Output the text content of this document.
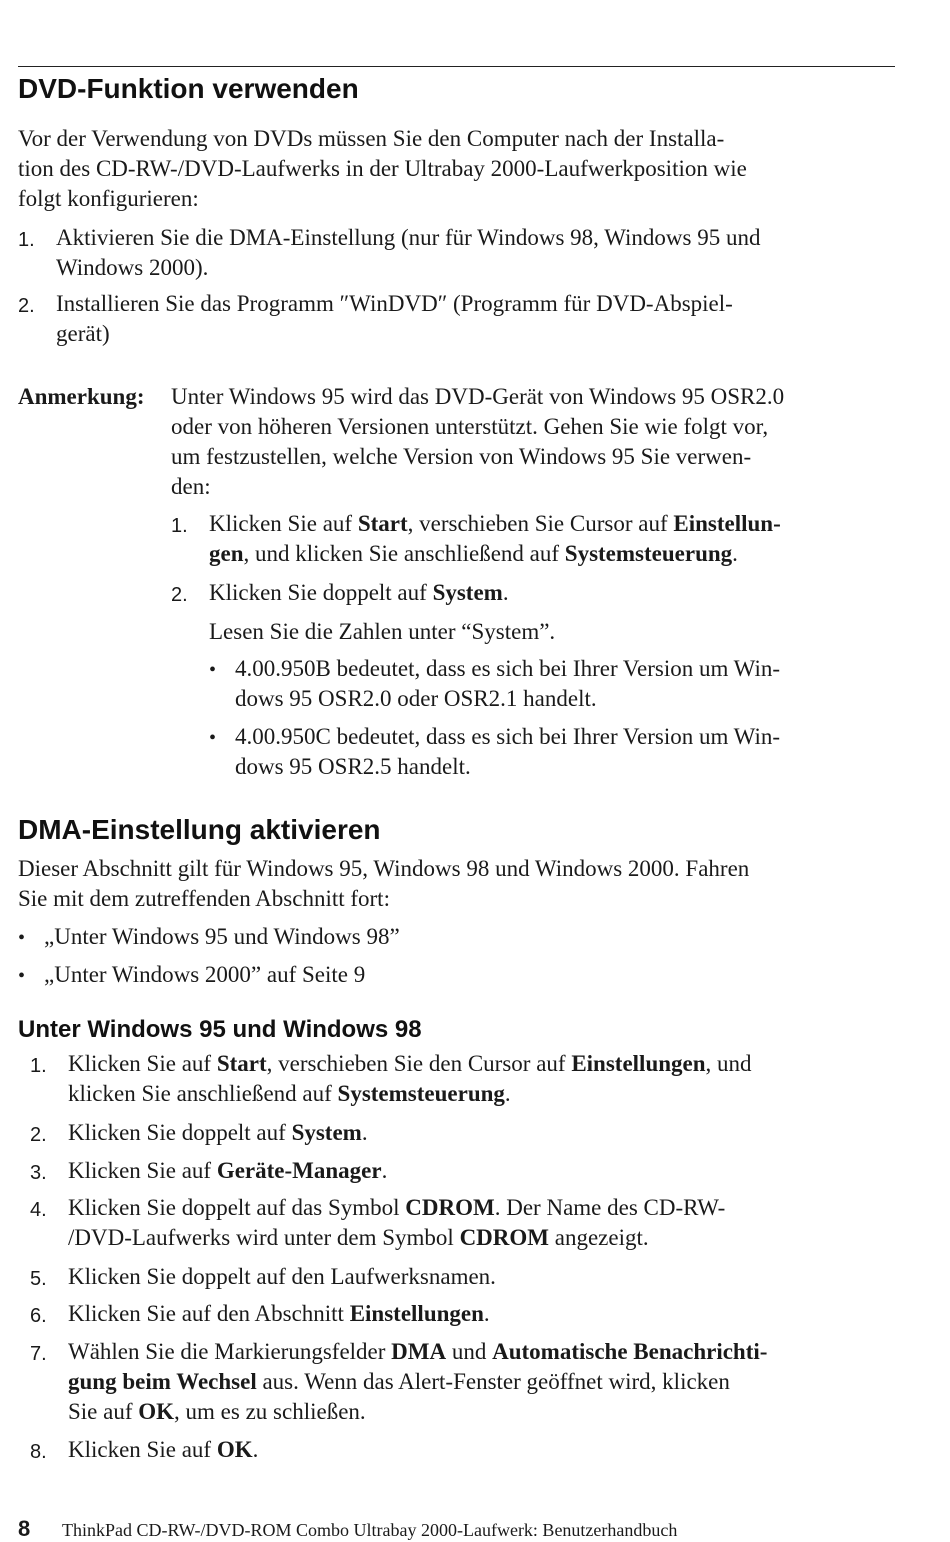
DVD-Funktion verwenden
Vor der Verwendung von DVDs müssen Sie den Computer nach der Installa-
tion des CD-RW-/DVD-Laufwerks in der Ultrabay 2000-Laufwerkposition wie
folgt konfigurieren:
1. Aktivieren Sie die DMA-Einstellung (nur für Windows 98, Windows 95 und
Windows 2000).
2. Installieren Sie das Programm ″WinDVD″ (Programm für DVD-Abspiel-
gerät)
Anmerkung: Unter Windows 95 wird das DVD-Gerät von Windows 95 OSR2.0
oder von höheren Versionen unterstützt. Gehen Sie wie folgt vor,
um festzustellen, welche Version von Windows 95 Sie verwen-
den:
1. Klicken Sie auf Start, verschieben Sie Cursor auf Einstellun-
gen, und klicken Sie anschließend auf Systemsteuerung.
2. Klicken Sie doppelt auf System.
Lesen Sie die Zahlen unter “System”.
• 4.00.950B bedeutet, dass es sich bei Ihrer Version um Win-
dows 95 OSR2.0 oder OSR2.1 handelt.
• 4.00.950C bedeutet, dass es sich bei Ihrer Version um Win-
dows 95 OSR2.5 handelt.
DMA-Einstellung aktivieren
Dieser Abschnitt gilt für Windows 95, Windows 98 und Windows 2000. Fahren
Sie mit dem zutreffenden Abschnitt fort:
• „Unter Windows 95 und Windows 98”
• „Unter Windows 2000” auf Seite 9
Unter Windows 95 und Windows 98
1. Klicken Sie auf Start, verschieben Sie den Cursor auf Einstellungen, und
klicken Sie anschließend auf Systemsteuerung.
2. Klicken Sie doppelt auf System.
3. Klicken Sie auf Geräte-Manager.
4. Klicken Sie doppelt auf das Symbol CDROM. Der Name des CD-RW-
/DVD-Laufwerks wird unter dem Symbol CDROM angezeigt.
5. Klicken Sie doppelt auf den Laufwerksnamen.
6. Klicken Sie auf den Abschnitt Einstellungen.
7. Wählen Sie die Markierungsfelder DMA und Automatische Benachrichti-
gung beim Wechsel aus. Wenn das Alert-Fenster geöffnet wird, klicken
Sie auf OK, um es zu schließen.
8. Klicken Sie auf OK.
8 ThinkPad CD-RW-/DVD-ROM Combo Ultrabay 2000-Laufwerk: Benutzerhandbuch
